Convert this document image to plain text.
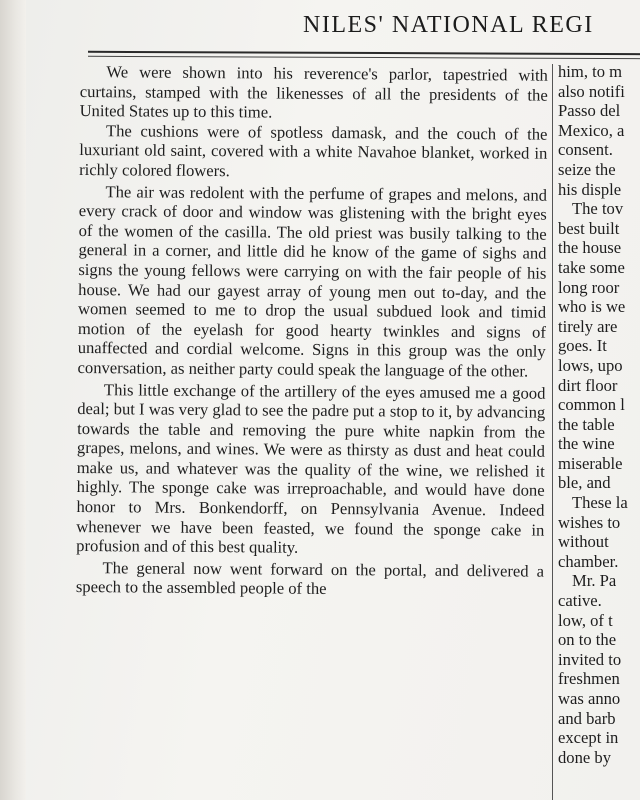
NILES' NATIONAL REGI

We were shown into his reverence's parlor, tapestried with curtains, stamped with the likenesses of all the presidents of the United States up to this time.

The cushions were of spotless damask, and the couch of the luxuriant old saint, covered with a white Navahoe blanket, worked in richly colored flowers.

The air was redolent with the perfume of grapes and melons, and every crack of door and window was glistening with the bright eyes of the women of the casilla. The old priest was busily talking to the general in a corner, and little did he know of the game of sighs and signs the young fellows were carrying on with the fair people of his house. We had our gayest array of young men out to-day, and the women seemed to me to drop the usual subdued look and timid motion of the eyelash for good hearty twinkles and signs of unaffected and cordial welcome. Signs in this group was the only conversation, as neither party could speak the language of the other.

This little exchange of the artillery of the eyes amused me a good deal; but I was very glad to see the padre put a stop to it, by advancing towards the table and removing the pure white napkin from the grapes, melons, and wines. We were as thirsty as dust and heat could make us, and whatever was the quality of the wine, we relished it highly. The sponge cake was irreproachable, and would have done honor to Mrs. Bonkendorff, on Pennsylvania Avenue. Indeed whenever we have been feasted, we found the sponge cake in profusion and of this best quality.

The general now went forward on the portal, and delivered a speech to the assembled people of the

him, to m
also notifi
Passo del
Mexico, a
consent.
seize the
his disple
The tov
best built
the house
take some
long roor
who is we
tirely are
goes. It
lows, upo
dirt floor
common l
the table
the wine
miserable
ble, and
These la
wishes to
without
chamber.
Mr. Pa
cative.
low, of t
on to the
invited to
freshmen
was anno
and barb
except in
done by
